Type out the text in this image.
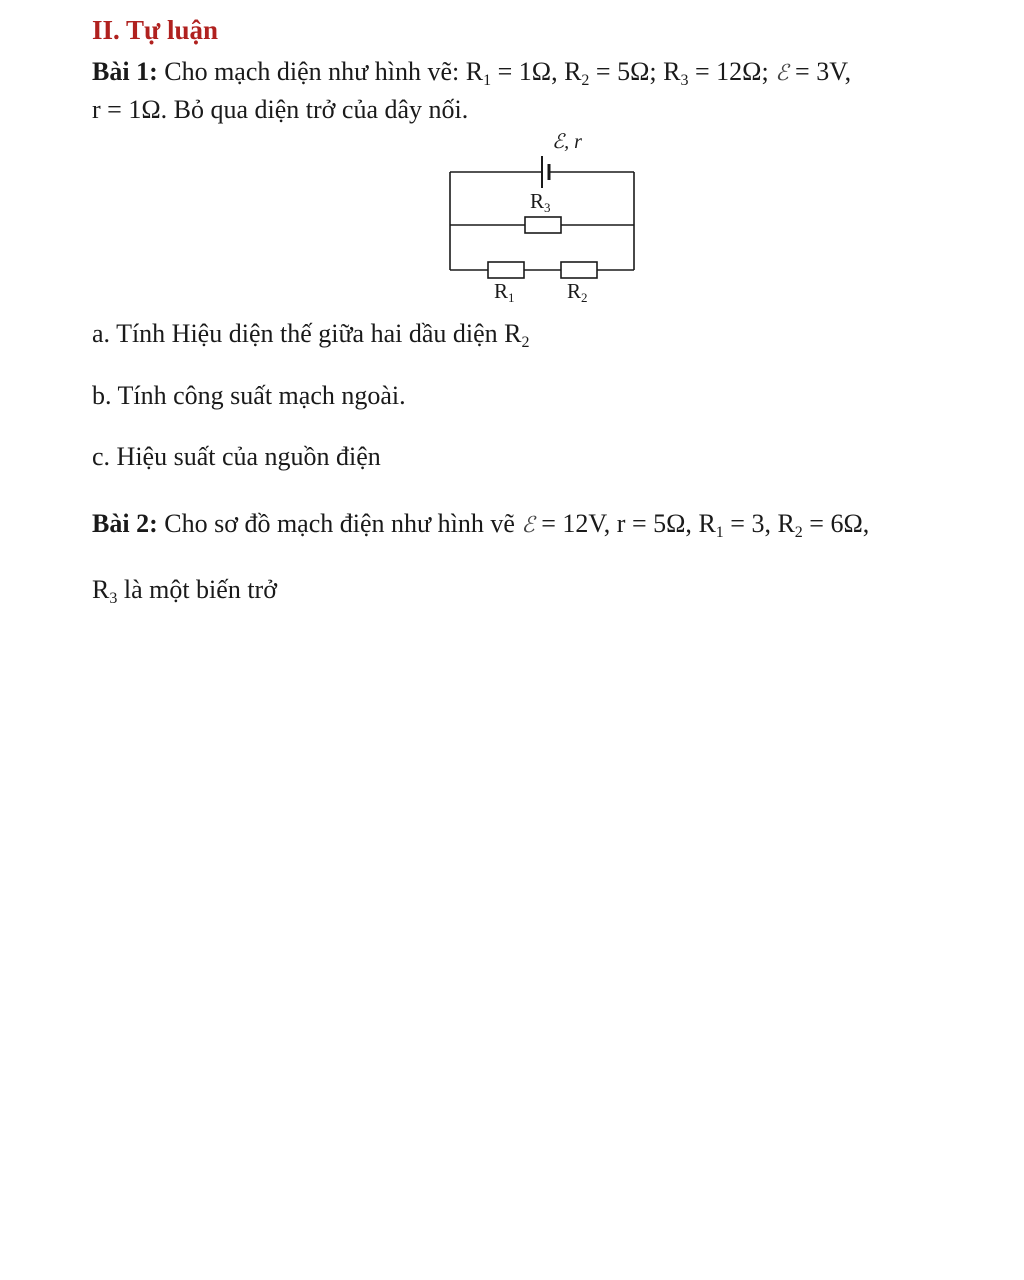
II. Tự luận
Bài 1: Cho mạch diện như hình vẽ: $R_1 = 1\Omega$, $R_2 = 5\Omega$; $R_3 = 12\Omega$; ℰ = 3V,
r = 1Ω. Bỏ qua diện trở của dây nối.
ℰ, r
R3
R1 R2
a. Tính Hiệu diện thế giữa hai dầu diện $R_2$
b. Tính công suất mạch ngoài.
c. Hiệu suất của nguồn điện
Bài 2: Cho sơ đồ mạch điện như hình vẽ ℰ = 12V, r = 5Ω, $R_1 = 3$, $R_2 = 6\Omega$,
$R_3$ là một biến trở
